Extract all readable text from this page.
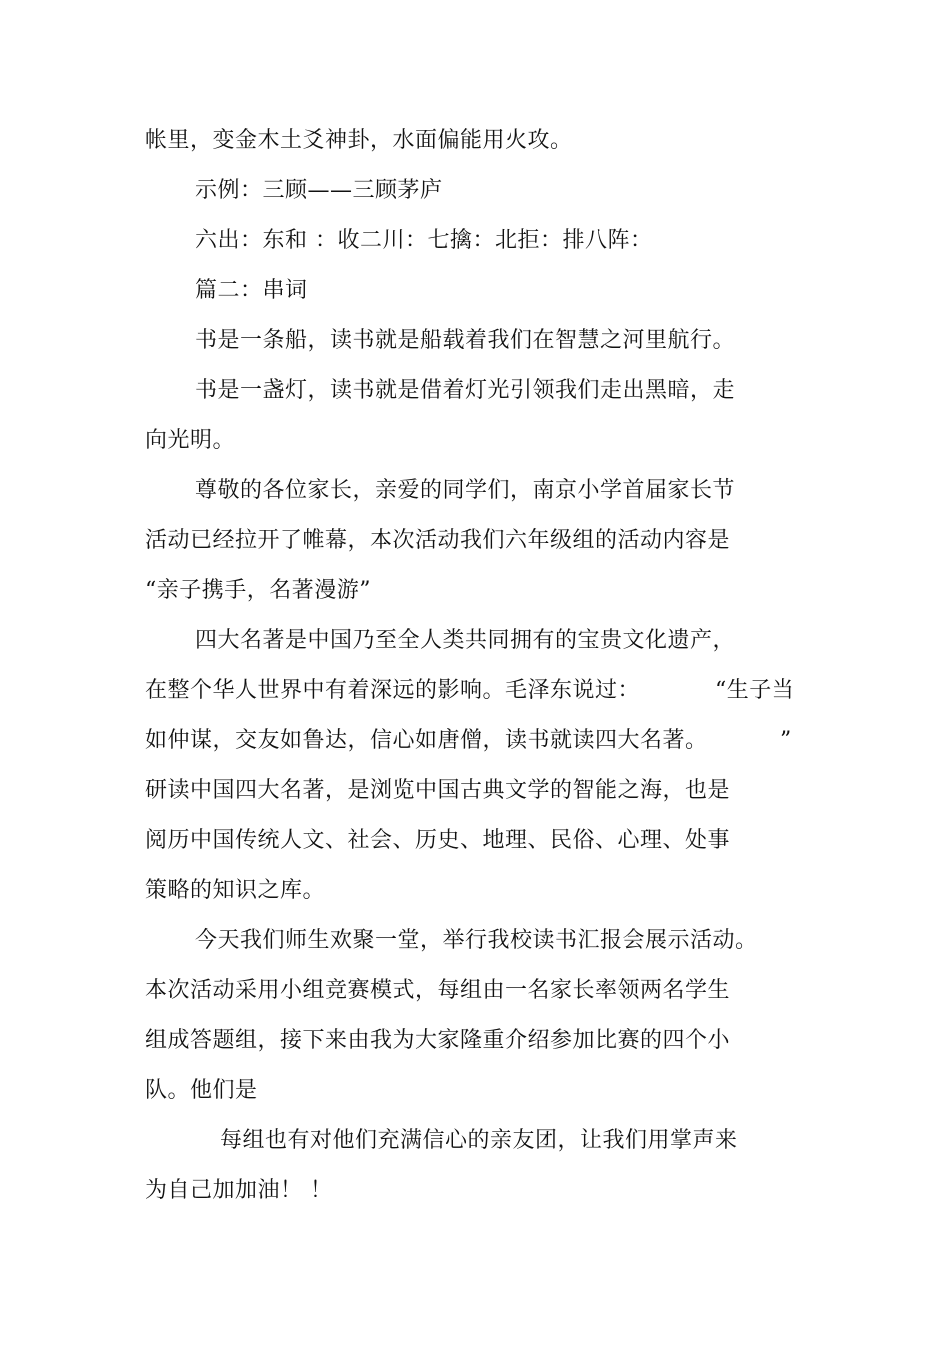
帐里，变金木土爻神卦，水面偏能用火攻。
示例：三顾——三顾茅庐
六出：东和 ：收二川：七擒：北拒：排八阵：
篇二：串词
书是一条船，读书就是船载着我们在智慧之河里航行。
书是一盏灯，读书就是借着灯光引领我们走出黑暗，走
向光明。
尊敬的各位家长，亲爱的同学们，南京小学首届家长节
活动已经拉开了帷幕，本次活动我们六年级组的活动内容是
“亲子携手，名著漫游”
四大名著是中国乃至全人类共同拥有的宝贵文化遗产，
在整个华人世界中有着深远的影响。毛泽东说过：	“生子当
如仲谋，交友如鲁达，信心如唐僧，读书就读四大名著。	”
研读中国四大名著，是浏览中国古典文学的智能之海，也是
阅历中国传统人文、社会、历史、地理、民俗、心理、处事
策略的知识之库。
今天我们师生欢聚一堂，举行我校读书汇报会展示活动。
本次活动采用小组竞赛模式，每组由一名家长率领两名学生
组成答题组，接下来由我为大家隆重介绍参加比赛的四个小
队。他们是
每组也有对他们充满信心的亲友团，让我们用掌声来
为自己加加油！ ！
